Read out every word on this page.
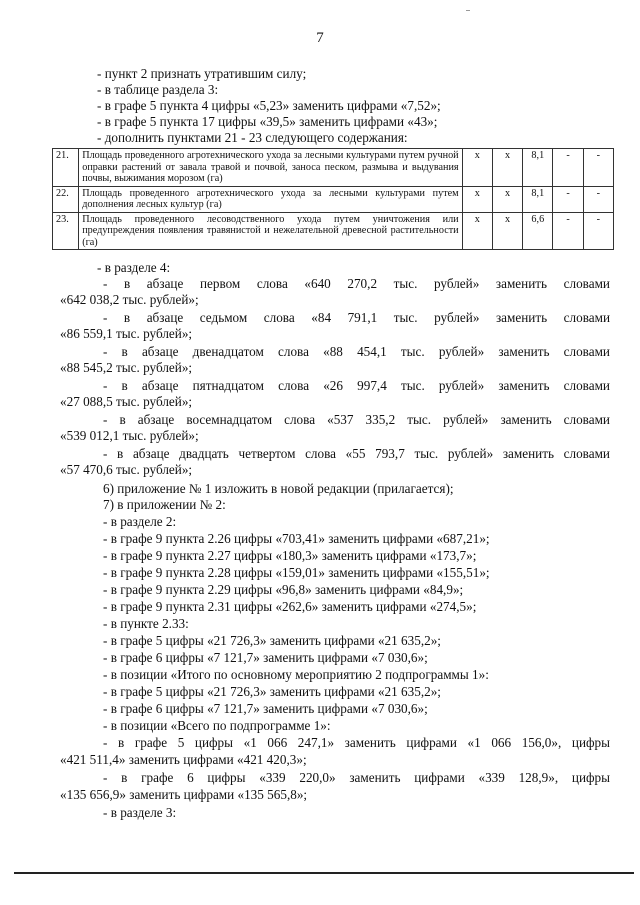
7
- пункт 2 признать утратившим силу;
- в таблице раздела 3:
- в графе 5 пункта 4 цифры «5,23» заменить цифрами «7,52»;
- в графе 5 пункта 17 цифры «39,5» заменить цифрами «43»;
- дополнить пунктами 21 - 23 следующего содержания:
21.	Площадь проведенного агротехнического ухода за лесными культурами путем ручной оправки растений от завала травой и почвой, заноса песком, размыва и выдувания почвы, выжимания морозом (га)	х	х	8,1	-	-
22.	Площадь проведенного агротехнического ухода за лесными культурами путем дополнения лесных культур (га)	х	х	8,1	-	-
23.	Площадь проведенного лесоводственного ухода путем уничтожения или предупреждения появления травянистой и нежелательной древесной растительности (га)	х	х	6,6	-	-
- в разделе 4:
- в абзаце первом слова «640 270,2 тыс. рублей» заменить словами
«642 038,2 тыс. рублей»;
- в абзаце седьмом слова «84 791,1 тыс. рублей» заменить словами
«86 559,1 тыс. рублей»;
- в абзаце двенадцатом слова «88 454,1 тыс. рублей» заменить словами
«88 545,2 тыс. рублей»;
- в абзаце пятнадцатом слова «26 997,4 тыс. рублей» заменить словами
«27 088,5 тыс. рублей»;
- в абзаце восемнадцатом слова «537 335,2 тыс. рублей» заменить словами
«539 012,1 тыс. рублей»;
- в абзаце двадцать четвертом слова «55 793,7 тыс. рублей» заменить словами
«57 470,6 тыс. рублей»;
6) приложение № 1 изложить в новой редакции (прилагается);
7) в приложении № 2:
- в разделе 2:
- в графе 9 пункта 2.26 цифры «703,41» заменить цифрами «687,21»;
- в графе 9 пункта 2.27 цифры «180,3» заменить цифрами «173,7»;
- в графе 9 пункта 2.28 цифры «159,01» заменить цифрами «155,51»;
- в графе 9 пункта 2.29 цифры «96,8» заменить цифрами «84,9»;
- в графе 9 пункта 2.31 цифры «262,6» заменить цифрами «274,5»;
- в пункте 2.33:
- в графе 5 цифры «21 726,3» заменить цифрами «21 635,2»;
- в графе 6 цифры «7 121,7» заменить цифрами «7 030,6»;
- в позиции «Итого по основному мероприятию 2 подпрограммы 1»:
- в графе 5 цифры «21 726,3» заменить цифрами «21 635,2»;
- в графе 6 цифры «7 121,7» заменить цифрами «7 030,6»;
- в позиции «Всего по подпрограмме 1»:
- в графе 5 цифры «1 066 247,1» заменить цифрами «1 066 156,0», цифры
«421 511,4» заменить цифрами «421 420,3»;
- в графе 6 цифры «339 220,0» заменить цифрами «339 128,9», цифры
«135 656,9» заменить цифрами «135 565,8»;
- в разделе 3:
